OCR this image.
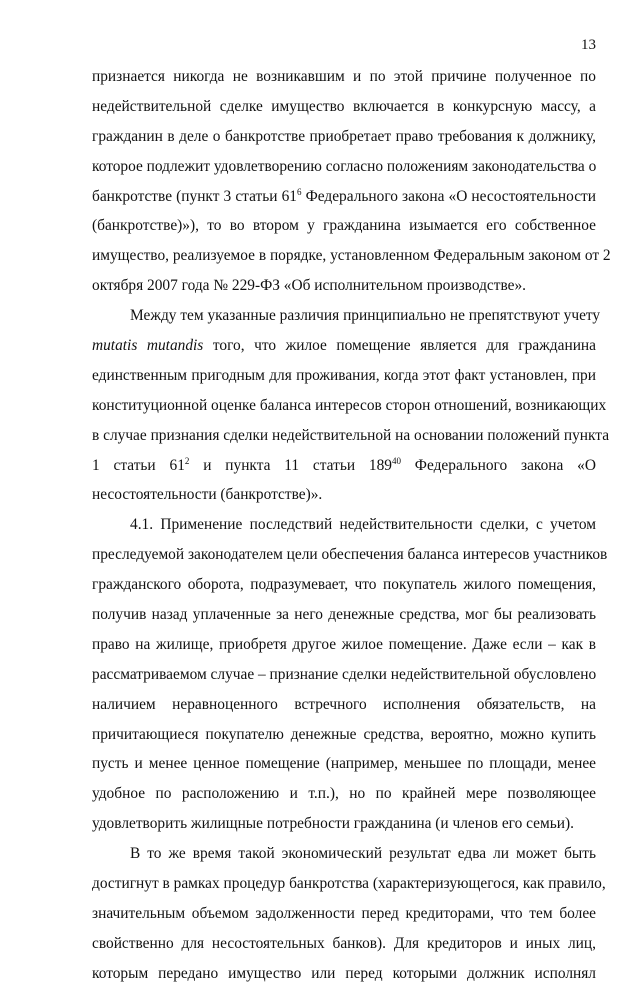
13
признается никогда не возникавшим и по этой причине полученное по
недействительной сделке имущество включается в конкурсную массу, а
гражданин в деле о банкротстве приобретает право требования к должнику,
которое подлежит удовлетворению согласно положениям законодательства о
банкротстве (пункт 3 статьи $61^6$ Федерального закона «О несостоятельности
(банкротстве)»), то во втором у гражданина изымается его собственное
имущество, реализуемое в порядке, установленном Федеральным законом от 2
октября 2007 года № 229-ФЗ «Об исполнительном производстве».
Между тем указанные различия принципиально не препятствуют учету
mutatis mutandis того, что жилое помещение является для гражданина
единственным пригодным для проживания, когда этот факт установлен, при
конституционной оценке баланса интересов сторон отношений, возникающих
в случае признания сделки недействительной на основании положений пункта
1 статьи $61^2$ и пункта 11 статьи $189^{40}$ Федерального закона «О
несостоятельности (банкротстве)».
4.1. Применение последствий недействительности сделки, с учетом
преследуемой законодателем цели обеспечения баланса интересов участников
гражданского оборота, подразумевает, что покупатель жилого помещения,
получив назад уплаченные за него денежные средства, мог бы реализовать
право на жилище, приобретя другое жилое помещение. Даже если – как в
рассматриваемом случае – признание сделки недействительной обусловлено
наличием неравноценного встречного исполнения обязательств, на
причитающиеся покупателю денежные средства, вероятно, можно купить
пусть и менее ценное помещение (например, меньшее по площади, менее
удобное по расположению и т.п.), но по крайней мере позволяющее
удовлетворить жилищные потребности гражданина (и членов его семьи).
В то же время такой экономический результат едва ли может быть
достигнут в рамках процедур банкротства (характеризующегося, как правило,
значительным объемом задолженности перед кредиторами, что тем более
свойственно для несостоятельных банков). Для кредиторов и иных лиц,
которым передано имущество или перед которыми должник исполнял
